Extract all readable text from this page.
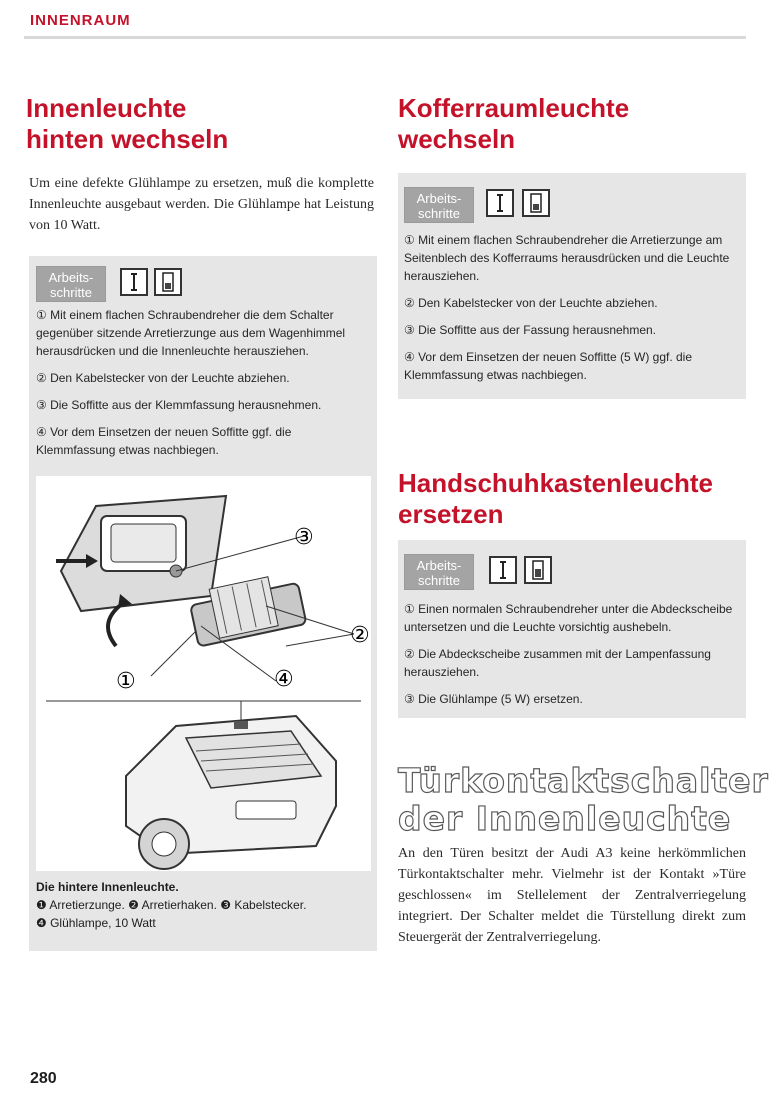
INNENRAUM
Innenleuchte
hinten wechseln
Um eine defekte Glühlampe zu ersetzen, muß die komplette Innenleuchte ausgebaut werden. Die Glühlampe hat Leistung von 10 Watt.
Arbeits-schritte

① Mit einem flachen Schraubendreher die dem Schalter gegenüber sitzende Arretierzunge aus dem Wagenhimmel herausdrücken und die Innenleuchte herausziehen.

② Den Kabelstecker von der Leuchte abziehen.

③ Die Soffitte aus der Klemmfassung herausnehmen.

④ Vor dem Einsetzen der neuen Soffitte ggf. die Klemmfassung etwas nachbiegen.

③
②
①	④
Die hintere Innenleuchte.
❶ Arretierzunge. ❷ Arretierhaken. ❸ Kabelstecker.
❹ Glühlampe, 10 Watt
Kofferraumleuchte
wechseln
Arbeits-schritte

① Mit einem flachen Schraubendreher die Arretierzunge am Seitenblech des Kofferraums herausdrücken und die Leuchte herausziehen.

② Den Kabelstecker von der Leuchte abziehen.

③ Die Soffitte aus der Fassung herausnehmen.

④ Vor dem Einsetzen der neuen Soffitte (5 W) ggf. die Klemmfassung etwas nachbiegen.

Handschuhkastenleuchte
ersetzen
Arbeits-schritte

① Einen normalen Schraubendreher unter die Abdeckscheibe untersetzen und die Leuchte vorsichtig aushebeln.

② Die Abdeckscheibe zusammen mit der Lampenfassung herausziehen.

③ Die Glühlampe (5 W) ersetzen.

Türkontaktschalter
der Innenleuchte
An den Türen besitzt der Audi A3 keine herkömmlichen Türkontaktschalter mehr. Vielmehr ist der Kontakt »Türe geschlossen« im Stellelement der Zentralverriegelung integriert. Der Schalter meldet die Türstellung direkt zum Steuergerät der Zentralverriegelung.
280
